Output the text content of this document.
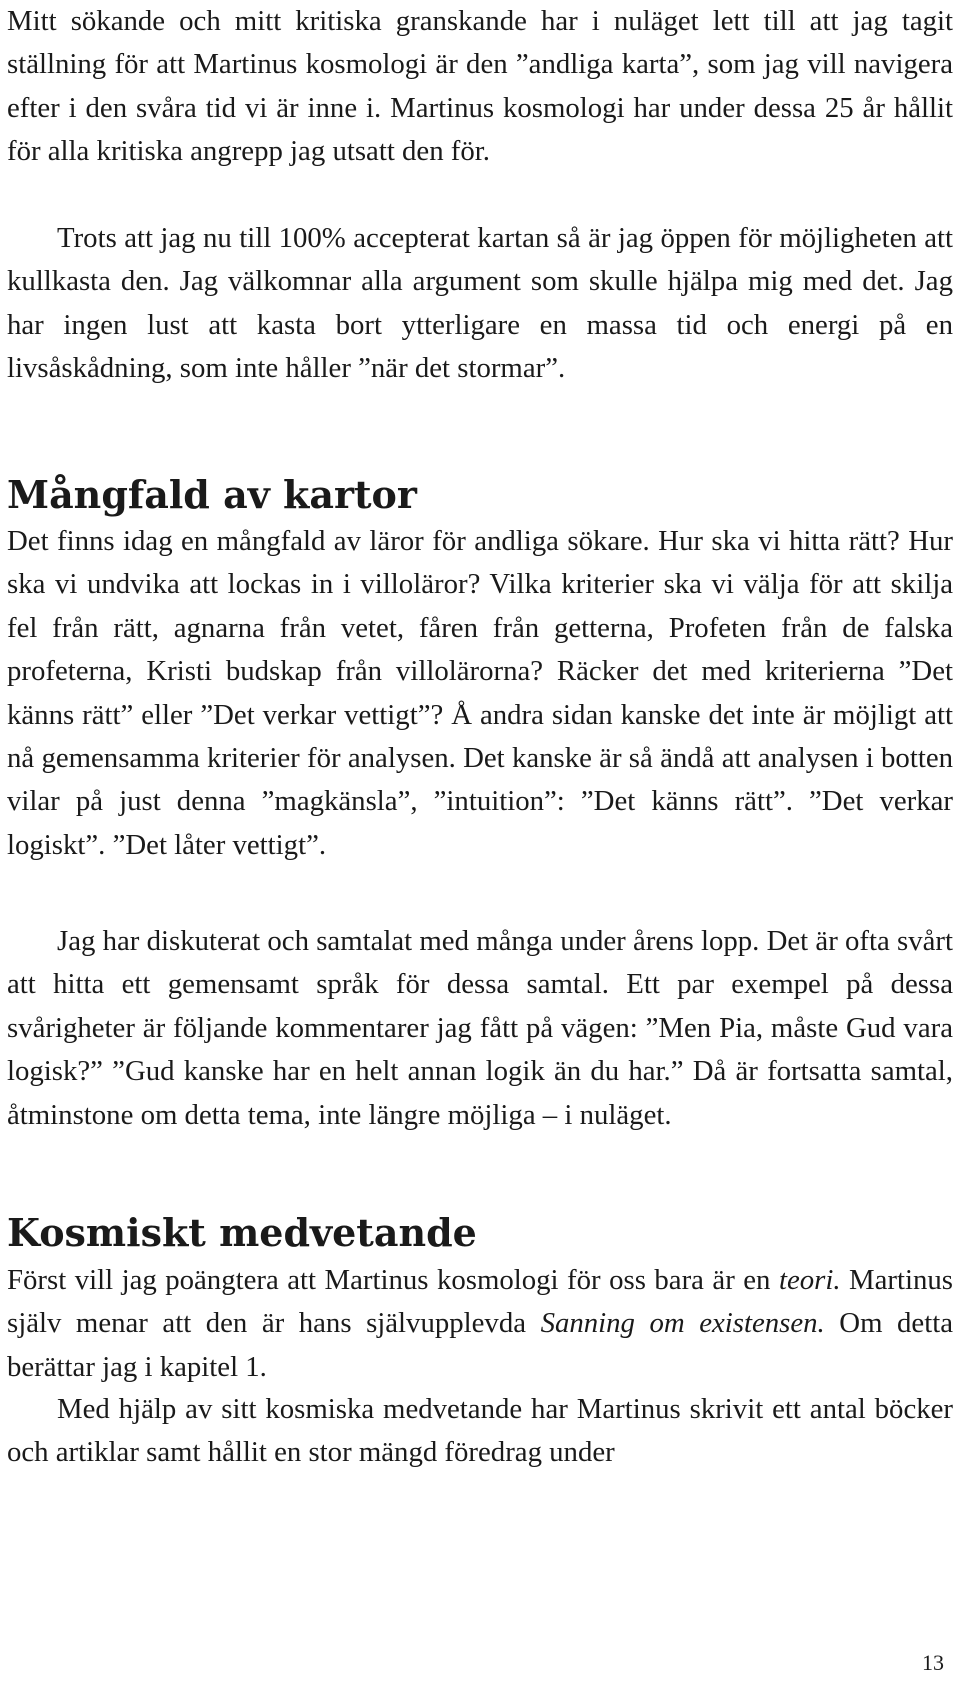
Mitt sökande och mitt kritiska granskande har i nuläget lett till att jag tagit ställning för att Martinus kosmologi är den ”andliga karta”, som jag vill navigera efter i den svåra tid vi är inne i. Martinus kosmologi har under dessa 25 år hållit för alla kritiska angrepp jag utsatt den för.

Trots att jag nu till 100% accepterat kartan så är jag öppen för möjligheten att kullkasta den. Jag välkomnar alla argument som skulle hjälpa mig med det. Jag har ingen lust att kasta bort ytterligare en massa tid och energi på en livsåskådning, som inte håller ”när det stormar”.

Mångfald av kartor

Det finns idag en mångfald av läror för andliga sökare. Hur ska vi hitta rätt? Hur ska vi undvika att lockas in i villoläror? Vilka kriterier ska vi välja för att skilja fel från rätt, agnarna från vetet, fåren från getterna, Profeten från de falska profeterna, Kristi budskap från villolärorna? Räcker det med kriterierna ”Det känns rätt” eller ”Det verkar vettigt”? Å andra sidan kanske det inte är möjligt att nå gemensamma kriterier för analysen. Det kanske är så ändå att analysen i botten vilar på just denna ”magkänsla”, ”intuition”: ”Det känns rätt”. ”Det verkar logiskt”. ”Det låter vettigt”.

Jag har diskuterat och samtalat med många under årens lopp. Det är ofta svårt att hitta ett gemensamt språk för dessa samtal. Ett par exempel på dessa svårigheter är följande kommentarer jag fått på vägen: ”Men Pia, måste Gud vara logisk?” ”Gud kanske har en helt annan logik än du har.” Då är fortsatta samtal, åtminstone om detta tema, inte längre möjliga – i nuläget.

Kosmiskt medvetande

Först vill jag poängtera att Martinus kosmologi för oss bara är en teori. Martinus själv menar att den är hans självupplevda Sanning om existensen. Om detta berättar jag i kapitel 1.

Med hjälp av sitt kosmiska medvetande har Martinus skrivit ett antal böcker och artiklar samt hållit en stor mängd föredrag under

13
